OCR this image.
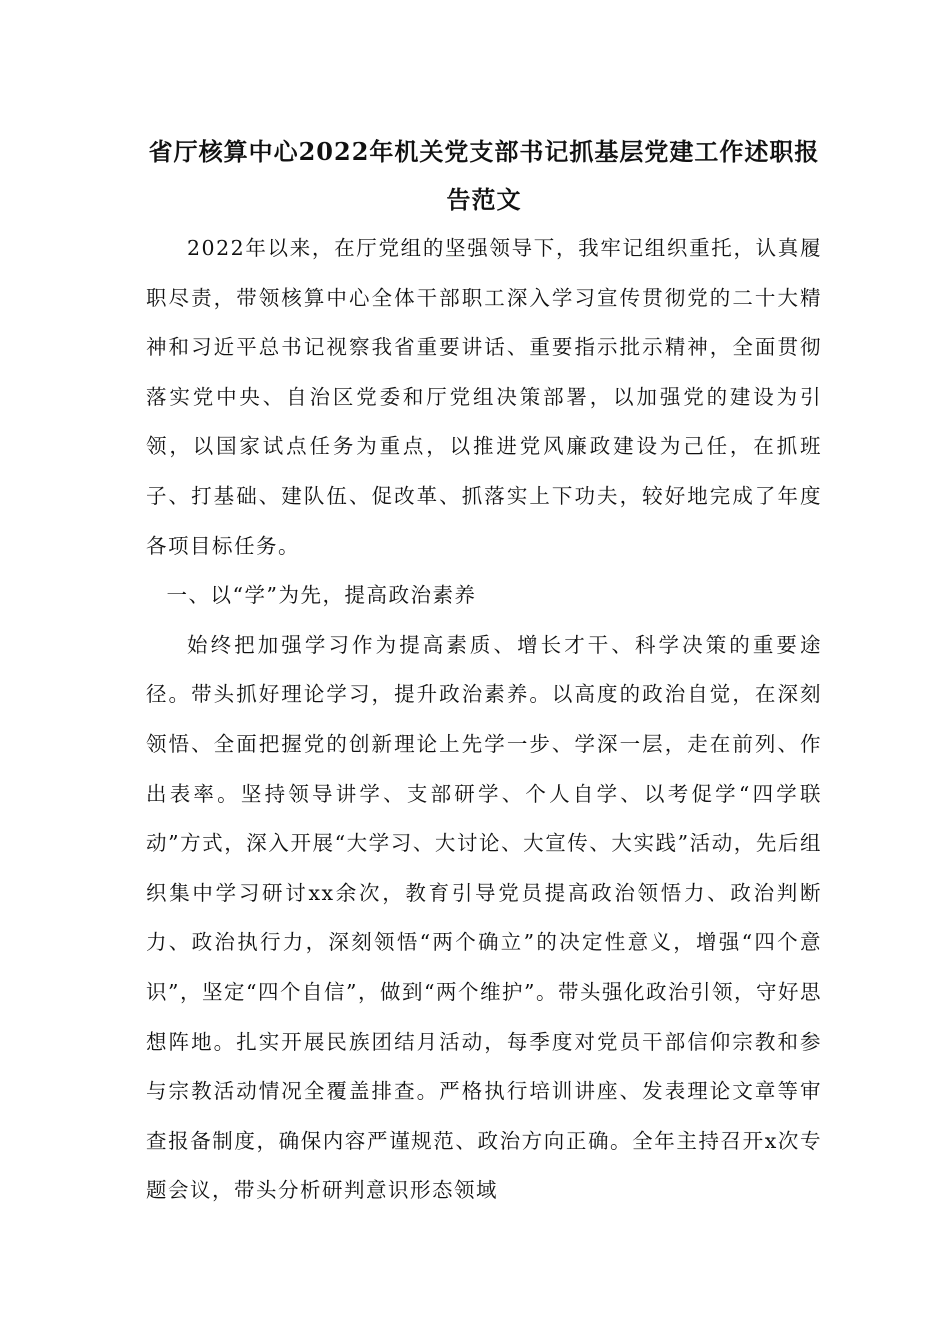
省厅核算中心2022年机关党支部书记抓基层党建工作述职报告范文

2022年以来，在厅党组的坚强领导下，我牢记组织重托，认真履职尽责，带领核算中心全体干部职工深入学习宣传贯彻党的二十大精神和习近平总书记视察我省重要讲话、重要指示批示精神，全面贯彻落实党中央、自治区党委和厅党组决策部署，以加强党的建设为引领，以国家试点任务为重点，以推进党风廉政建设为己任，在抓班子、打基础、建队伍、促改革、抓落实上下功夫，较好地完成了年度各项目标任务。

一、以“学”为先，提高政治素养

始终把加强学习作为提高素质、增长才干、科学决策的重要途径。带头抓好理论学习，提升政治素养。以高度的政治自觉，在深刻领悟、全面把握党的创新理论上先学一步、学深一层，走在前列、作出表率。坚持领导讲学、支部研学、个人自学、以考促学“四学联动”方式，深入开展“大学习、大讨论、大宣传、大实践”活动，先后组织集中学习研讨xx余次，教育引导党员提高政治领悟力、政治判断力、政治执行力，深刻领悟“两个确立”的决定性意义，增强“四个意识”，坚定“四个自信”，做到“两个维护”。带头强化政治引领，守好思想阵地。扎实开展民族团结月活动，每季度对党员干部信仰宗教和参与宗教活动情况全覆盖排查。严格执行培训讲座、发表理论文章等审查报备制度，确保内容严谨规范、政治方向正确。全年主持召开x次专题会议，带头分析研判意识形态领域
